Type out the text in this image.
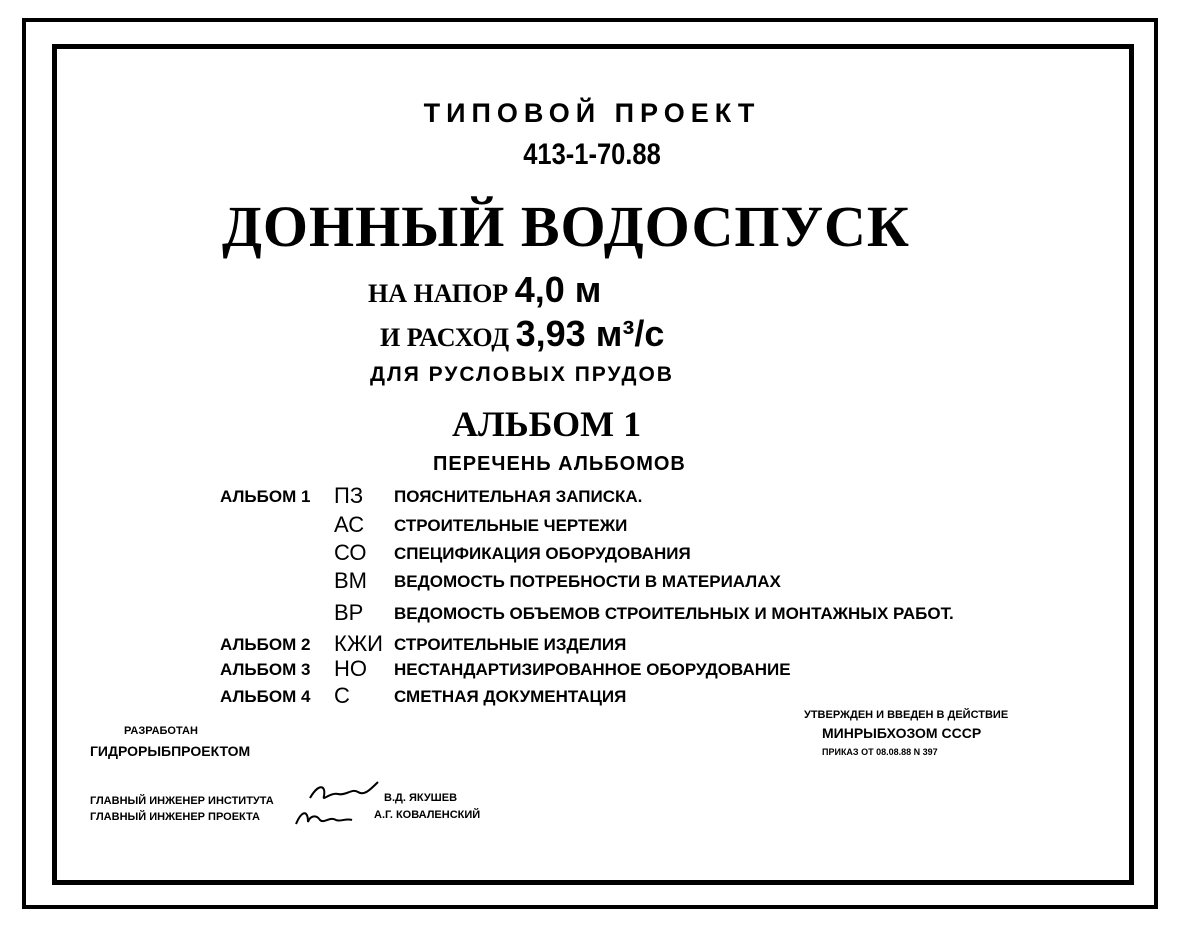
ТИПОВОЙ ПРОЕКТ
413-1-70.88
ДОННЫЙ ВОДОСПУСК
НА НАПОР 4,0 м
И РАСХОД 3,93 м³/с
ДЛЯ РУСЛОВЫХ ПРУДОВ
АЛЬБОМ 1
ПЕРЕЧЕНЬ АЛЬБОМОВ
АЛЬБОМ 1 ПЗ ПОЯСНИТЕЛЬНАЯ ЗАПИСКА.
АС СТРОИТЕЛЬНЫЕ ЧЕРТЕЖИ
СО СПЕЦИФИКАЦИЯ ОБОРУДОВАНИЯ
ВМ ВЕДОМОСТЬ ПОТРЕБНОСТИ В МАТЕРИАЛАХ
ВР ВЕДОМОСТЬ ОБЪЕМОВ СТРОИТЕЛЬНЫХ И МОНТАЖНЫХ РАБОТ.
АЛЬБОМ 2 КЖИ СТРОИТЕЛЬНЫЕ ИЗДЕЛИЯ
АЛЬБОМ 3 НО НЕСТАНДАРТИЗИРОВАННОЕ ОБОРУДОВАНИЕ
АЛЬБОМ 4 С	СМЕТНАЯ ДОКУМЕНТАЦИЯ
РАЗРАБОТАН
ГИДРОРЫБПРОЕКТОМ
УТВЕРЖДЕН И ВВЕДЕН В ДЕЙСТВИЕ
МИНРЫБХОЗОМ СССР
ПРИКАЗ ОТ 08.08.88 N 397
ГЛАВНЫЙ ИНЖЕНЕР ИНСТИТУТА	В.Д. ЯКУШЕВ
ГЛАВНЫЙ ИНЖЕНЕР ПРОЕКТА	А.Г. КОВАЛЕНСКИЙ
